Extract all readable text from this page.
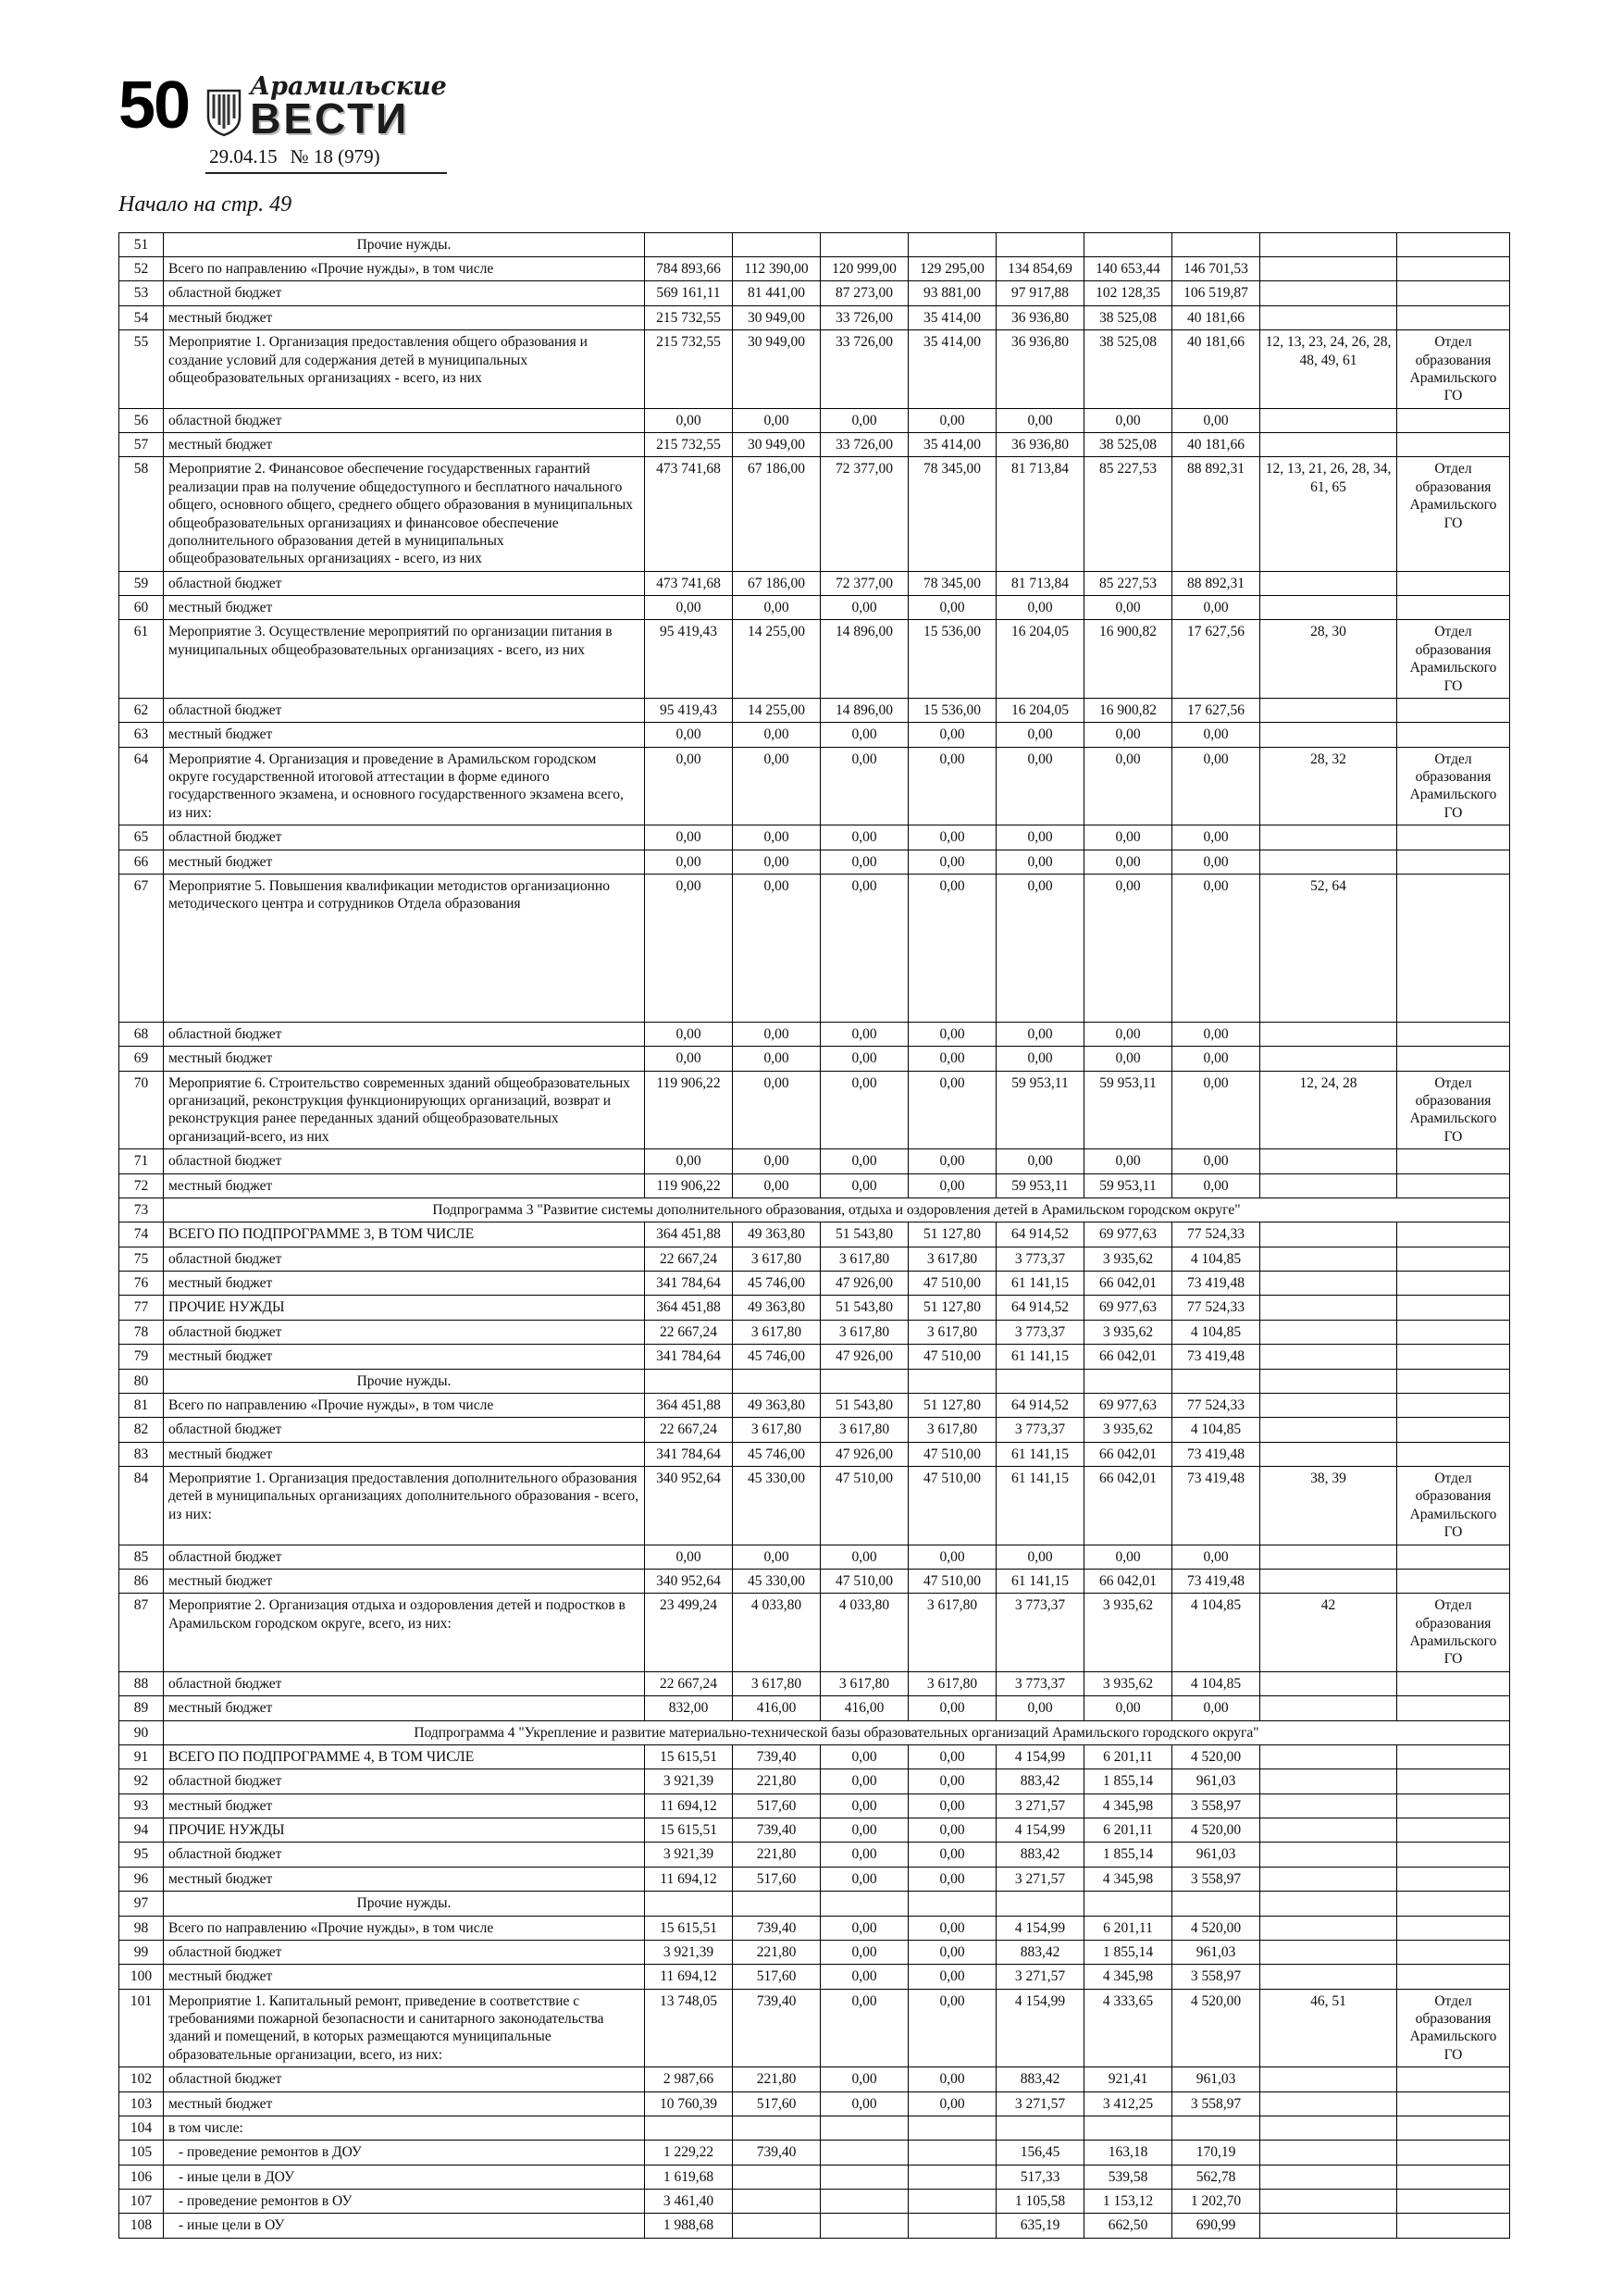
50 Арамильские
ВЕСТИ
29.04.15 № 18 (979)
Начало на стр. 49
51	Прочие нужды.									
52	Всего по направлению «Прочие нужды», в том числе	784 893,66	112 390,00	120 999,00	129 295,00	134 854,69	140 653,44	146 701,53		
53	областной бюджет	569 161,11	81 441,00	87 273,00	93 881,00	97 917,88	102 128,35	106 519,87		
54	местный бюджет	215 732,55	30 949,00	33 726,00	35 414,00	36 936,80	38 525,08	40 181,66		
55	Мероприятие 1. Организация предоставления общего образования и создание условий для содержания детей в муниципальных общеобразовательных организациях - всего, из них	215 732,55	30 949,00	33 726,00	35 414,00	36 936,80	38 525,08	40 181,66	12, 13, 23, 24, 26, 28, 48, 49, 61	Отдел образования Арамильского ГО
56	областной бюджет	0,00	0,00	0,00	0,00	0,00	0,00	0,00		
57	местный бюджет	215 732,55	30 949,00	33 726,00	35 414,00	36 936,80	38 525,08	40 181,66		
58	Мероприятие 2. Финансовое обеспечение государственных гарантий реализации прав на получение общедоступного и бесплатного начального общего, основного общего, среднего общего образования в муниципальных общеобразовательных организациях и финансовое обеспечение дополнительного образования детей в муниципальных общеобразовательных организациях - всего, из них	473 741,68	67 186,00	72 377,00	78 345,00	81 713,84	85 227,53	88 892,31	12, 13, 21, 26, 28, 34, 61, 65	Отдел образования Арамильского ГО
59	областной бюджет	473 741,68	67 186,00	72 377,00	78 345,00	81 713,84	85 227,53	88 892,31		
60	местный бюджет	0,00	0,00	0,00	0,00	0,00	0,00	0,00		
61	Мероприятие 3. Осуществление мероприятий по организации питания в муниципальных общеобразовательных организациях - всего, из них	95 419,43	14 255,00	14 896,00	15 536,00	16 204,05	16 900,82	17 627,56	28, 30	Отдел образования Арамильского ГО
62	областной бюджет	95 419,43	14 255,00	14 896,00	15 536,00	16 204,05	16 900,82	17 627,56		
63	местный бюджет	0,00	0,00	0,00	0,00	0,00	0,00	0,00		
64	Мероприятие 4. Организация и проведение в Арамильском городском округе государственной итоговой аттестации в форме единого государственного экзамена, и основного государственного экзамена всего, из них:	0,00	0,00	0,00	0,00	0,00	0,00	0,00	28, 32	Отдел образования Арамильского ГО
65	областной бюджет	0,00	0,00	0,00	0,00	0,00	0,00	0,00		
66	местный бюджет	0,00	0,00	0,00	0,00	0,00	0,00	0,00		
67	Мероприятие 5. Повышения квалификации методистов организационно методического центра и сотрудников Отдела образования	0,00	0,00	0,00	0,00	0,00	0,00	0,00	52, 64	
68	областной бюджет	0,00	0,00	0,00	0,00	0,00	0,00	0,00		
69	местный бюджет	0,00	0,00	0,00	0,00	0,00	0,00	0,00		
70	Мероприятие 6. Строительство современных зданий общеобразовательных организаций, реконструкция функционирующих организаций, возврат и реконструкция ранее переданных зданий общеобразовательных организаций-всего, из них	119 906,22	0,00	0,00	0,00	59 953,11	59 953,11	0,00	12, 24, 28	Отдел образования Арамильского ГО
71	областной бюджет	0,00	0,00	0,00	0,00	0,00	0,00	0,00		
72	местный бюджет	119 906,22	0,00	0,00	0,00	59 953,11	59 953,11	0,00		
73	Подпрограмма 3 "Развитие системы дополнительного образования, отдыха и оздоровления детей в Арамильском городском округе"									
74	ВСЕГО ПО ПОДПРОГРАММЕ 3, В ТОМ ЧИСЛЕ	364 451,88	49 363,80	51 543,80	51 127,80	64 914,52	69 977,63	77 524,33		
75	областной бюджет	22 667,24	3 617,80	3 617,80	3 617,80	3 773,37	3 935,62	4 104,85		
76	местный бюджет	341 784,64	45 746,00	47 926,00	47 510,00	61 141,15	66 042,01	73 419,48		
77	ПРОЧИЕ НУЖДЫ	364 451,88	49 363,80	51 543,80	51 127,80	64 914,52	69 977,63	77 524,33		
78	областной бюджет	22 667,24	3 617,80	3 617,80	3 617,80	3 773,37	3 935,62	4 104,85		
79	местный бюджет	341 784,64	45 746,00	47 926,00	47 510,00	61 141,15	66 042,01	73 419,48		
80	Прочие нужды.									
81	Всего по направлению «Прочие нужды», в том числе	364 451,88	49 363,80	51 543,80	51 127,80	64 914,52	69 977,63	77 524,33		
82	областной бюджет	22 667,24	3 617,80	3 617,80	3 617,80	3 773,37	3 935,62	4 104,85		
83	местный бюджет	341 784,64	45 746,00	47 926,00	47 510,00	61 141,15	66 042,01	73 419,48		
84	Мероприятие 1. Организация предоставления дополнительного образования детей в муниципальных организациях дополнительного образования - всего, из них:	340 952,64	45 330,00	47 510,00	47 510,00	61 141,15	66 042,01	73 419,48	38, 39	Отдел образования Арамильского ГО
85	областной бюджет	0,00	0,00	0,00	0,00	0,00	0,00	0,00		
86	местный бюджет	340 952,64	45 330,00	47 510,00	47 510,00	61 141,15	66 042,01	73 419,48		
87	Мероприятие 2. Организация отдыха и оздоровления детей и подростков в Арамильском городском округе, всего, из них:	23 499,24	4 033,80	4 033,80	3 617,80	3 773,37	3 935,62	4 104,85	42	Отдел образования Арамильского ГО
88	областной бюджет	22 667,24	3 617,80	3 617,80	3 617,80	3 773,37	3 935,62	4 104,85		
89	местный бюджет	832,00	416,00	416,00	0,00	0,00	0,00	0,00		
90	Подпрограмма 4 "Укрепление и развитие материально-технической базы образовательных организаций Арамильского городского округа"									
91	ВСЕГО ПО ПОДПРОГРАММЕ 4, В ТОМ ЧИСЛЕ	15 615,51	739,40	0,00	0,00	4 154,99	6 201,11	4 520,00		
92	областной бюджет	3 921,39	221,80	0,00	0,00	883,42	1 855,14	961,03		
93	местный бюджет	11 694,12	517,60	0,00	0,00	3 271,57	4 345,98	3 558,97		
94	ПРОЧИЕ НУЖДЫ	15 615,51	739,40	0,00	0,00	4 154,99	6 201,11	4 520,00		
95	областной бюджет	3 921,39	221,80	0,00	0,00	883,42	1 855,14	961,03		
96	местный бюджет	11 694,12	517,60	0,00	0,00	3 271,57	4 345,98	3 558,97		
97	Прочие нужды.									
98	Всего по направлению «Прочие нужды», в том числе	15 615,51	739,40	0,00	0,00	4 154,99	6 201,11	4 520,00		
99	областной бюджет	3 921,39	221,80	0,00	0,00	883,42	1 855,14	961,03		
100	местный бюджет	11 694,12	517,60	0,00	0,00	3 271,57	4 345,98	3 558,97		
101	Мероприятие 1. Капитальный ремонт, приведение в соответствие с требованиями пожарной безопасности и санитарного законодательства зданий и помещений, в которых размещаются муниципальные образовательные организации, всего, из них:	13 748,05	739,40	0,00	0,00	4 154,99	4 333,65	4 520,00	46, 51	Отдел образования Арамильского ГО
102	областной бюджет	2 987,66	221,80	0,00	0,00	883,42	921,41	961,03		
103	местный бюджет	10 760,39	517,60	0,00	0,00	3 271,57	3 412,25	3 558,97		
104	в том числе:									
105	- проведение ремонтов в ДОУ	1 229,22	739,40			156,45	163,18	170,19		
106	- иные цели в ДОУ	1 619,68				517,33	539,58	562,78		
107	- проведение ремонтов в ОУ	3 461,40				1 105,58	1 153,12	1 202,70		
108	- иные цели в ОУ	1 988,68				635,19	662,50	690,99		
